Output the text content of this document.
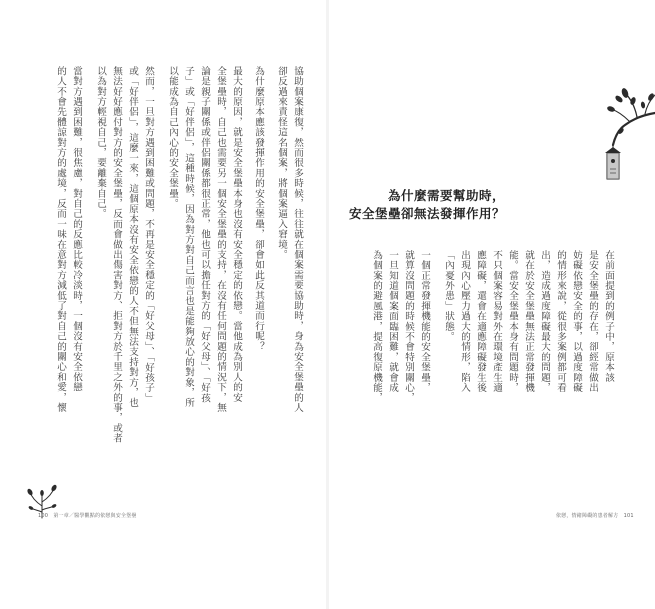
協助個案康復，然而很多時候，往往就在個案需要協助時，身為安全堡壘的人
卻反過來責怪這名個案，將個案逼入窘境。
為什麼原本應該發揮作用的安全堡壘，卻會如此反其道而行呢？
最大的原因，就是安全堡壘本身也沒有安全穩定的依戀。當他成為別人的安
全堡壘時，自己也需要另一個安全堡壘的支持，在沒有任何問題的情況下，無
論是親子關係或伴侶關係都很正常，他也可以擔任對方的「好父母」、「好孩
子」或「好伴侶」，這種時候，因為對方對自己而言也是能夠放心的對象，所
以能成為自己內心的安全堡壘。
然而，一旦對方遇到困難或問題，不再是安全穩定的「好父母」、「好孩子」
或「好伴侶」，這麼一來，這個原本沒有安全依戀的人不但無法支持對方，也
無法好好應付對方的安全堡壘，反而會做出傷害對方、拒對方於千里之外的事，或者
以為對方輕視自己，要離棄自己。
當對方遇到困難，很焦慮，對自己的反應比較冷淡時，一個沒有安全依戀
的人不會先體諒對方的處境，反而一味在意對方減低了對自己的關心和愛，懷
100　第一章／醫學觀點的依戀與安全堡壘
為什麼需要幫助時，
安全堡壘卻無法發揮作用？
在前面提到的例子中，原本該
是安全堡壘的存在，卻經常做出
妨礙依戀安全的事，以過度障礙
的情形來說，從很多案例都可看
出，造成過度障礙最大的問題，
就在於安全堡壘無法正常發揮機
能。當安全堡壘本身有問題時，
不只個案容易對外在環境產生適
應障礙，還會在適應障礙發生後
出現內心壓力過大的情形，陷入
「內憂外患」狀態。
一個正常發揮機能的安全堡壘，
就算沒問題的時候不會特別關心，
一旦知道個案面臨困難，就會成
為個案的避風港，提高復原機能，
依戀，情緒障礙的患者解方　101
